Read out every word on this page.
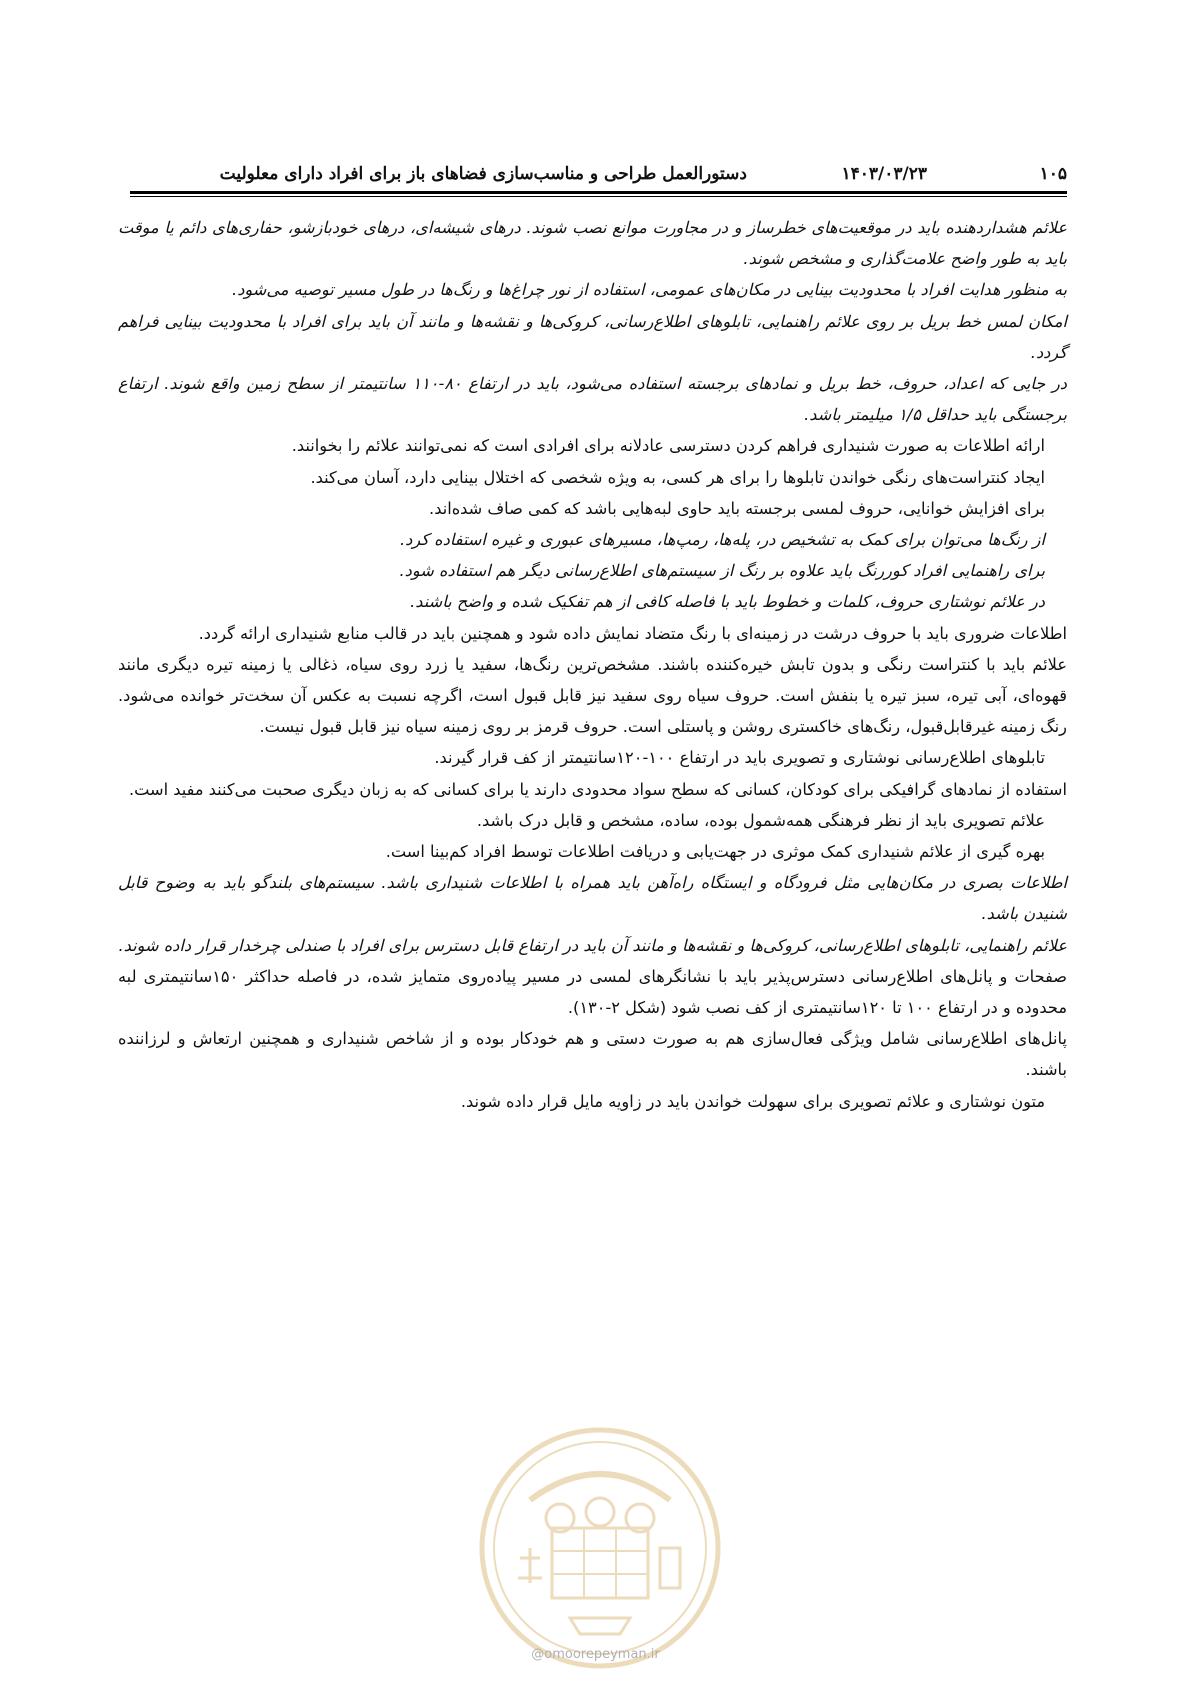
۱۰۵
۱۴۰۳/۰۳/۲۳
دستورالعمل طراحی و مناسب‌سازی فضاهای باز برای افراد دارای معلولیت

علائم هشداردهنده باید در موقعیت‌های خطرساز و در مجاورت موانع نصب شوند. درهای شیشه‌ای، درهای خودبازشو، حفاری‌های دائم یا موقت باید به طور واضح علامت‌گذاری و مشخص شوند.

به منظور هدایت افراد با محدودیت بینایی در مکان‌های عمومی، استفاده از نور چراغ‌ها و رنگ‌ها در طول مسیر توصیه می‌شود.

امکان لمس خط بریل بر روی علائم راهنمایی، تابلوهای اطلاع‌رسانی، کروکی‌ها و نقشه‌ها و مانند آن باید برای افراد با محدودیت بینایی فراهم گردد.

در جایی که اعداد، حروف، خط بریل و نمادهای برجسته استفاده می‌شود، باید در ارتفاع ۸۰-۱۱۰ سانتیمتر از سطح زمین واقع شوند. ارتفاع برجستگی باید حداقل ۱/۵ میلیمتر باشد.

ارائه اطلاعات به صورت شنیداری فراهم کردن دسترسی عادلانه برای افرادی است که نمی‌توانند علائم را بخوانند.

ایجاد کنتراست‌های رنگی خواندن تابلوها را برای هر کسی، به ویژه شخصی که اختلال بینایی دارد، آسان می‌کند.

برای افزایش خوانایی، حروف لمسی برجسته باید حاوی لبه‌هایی باشد که کمی صاف شده‌اند.

از رنگ‌ها می‌توان برای کمک به تشخیص در، پله‌ها، رمپ‌ها، مسیرهای عبوری و غیره استفاده کرد.

برای راهنمایی افراد کوررنگ باید علاوه بر رنگ از سیستم‌های اطلاع‌رسانی دیگر هم استفاده شود.

در علائم نوشتاری حروف، کلمات و خطوط باید با فاصله کافی از هم تفکیک شده و واضح باشند.

اطلاعات ضروری باید با حروف درشت در زمینه‌ای با رنگ متضاد نمایش داده شود و همچنین باید در قالب منابع شنیداری ارائه گردد.

علائم باید با کنتراست رنگی و بدون تابش خیره‌کننده باشند. مشخص‌ترین رنگ‌ها، سفید یا زرد روی سیاه، ذغالی یا زمینه تیره دیگری مانند قهوه‌ای، آبی تیره، سبز تیره یا بنفش است. حروف سیاه روی سفید نیز قابل قبول است، اگرچه نسبت به عکس آن سخت‌تر خوانده می‌شود. رنگ زمینه غیرقابل‌قبول، رنگ‌های خاکستری روشن و پاستلی است. حروف قرمز بر روی زمینه سیاه نیز قابل قبول نیست.

تابلوهای اطلاع‌رسانی نوشتاری و تصویری باید در ارتفاع ۱۰۰-۱۲۰سانتیمتر از کف قرار گیرند.

استفاده از نمادهای گرافیکی برای کودکان، کسانی که سطح سواد محدودی دارند یا برای کسانی که به زبان دیگری صحبت می‌کنند مفید است.

علائم تصویری باید از نظر فرهنگی همه‌شمول بوده، ساده، مشخص و قابل درک باشد.

بهره گیری از علائم شنیداری کمک موثری در جهت‌یابی و دریافت اطلاعات توسط افراد کم‌بینا است.

اطلاعات بصری در مکان‌هایی مثل فرودگاه و ایستگاه راه‌آهن باید همراه با اطلاعات شنیداری باشد. سیستم‌های بلندگو باید به وضوح قابل شنیدن باشد.

علائم راهنمایی، تابلوهای اطلاع‌رسانی، کروکی‌ها و نقشه‌ها و مانند آن باید در ارتفاع قابل دسترس برای افراد با صندلی چرخدار قرار داده شوند.

صفحات و پانل‌های اطلاع‌رسانی دسترس‌پذیر باید با نشانگرهای لمسی در مسیر پیاده‌روی متمایز شده، در فاصله حداکثر ۱۵۰سانتیمتری لبه محدوده و در ارتفاع ۱۰۰ تا ۱۲۰سانتیمتری از کف نصب شود (شکل ۲-۱۳۰).

پانل‌های اطلاع‌رسانی شامل ویژگی فعال‌سازی هم به صورت دستی و هم خودکار بوده و از شاخص شنیداری و همچنین ارتعاش و لرزاننده باشند.

متون نوشتاری و علائم تصویری برای سهولت خواندن باید در زاویه مایل قرار داده شوند.

@omoorepeyman.ir
